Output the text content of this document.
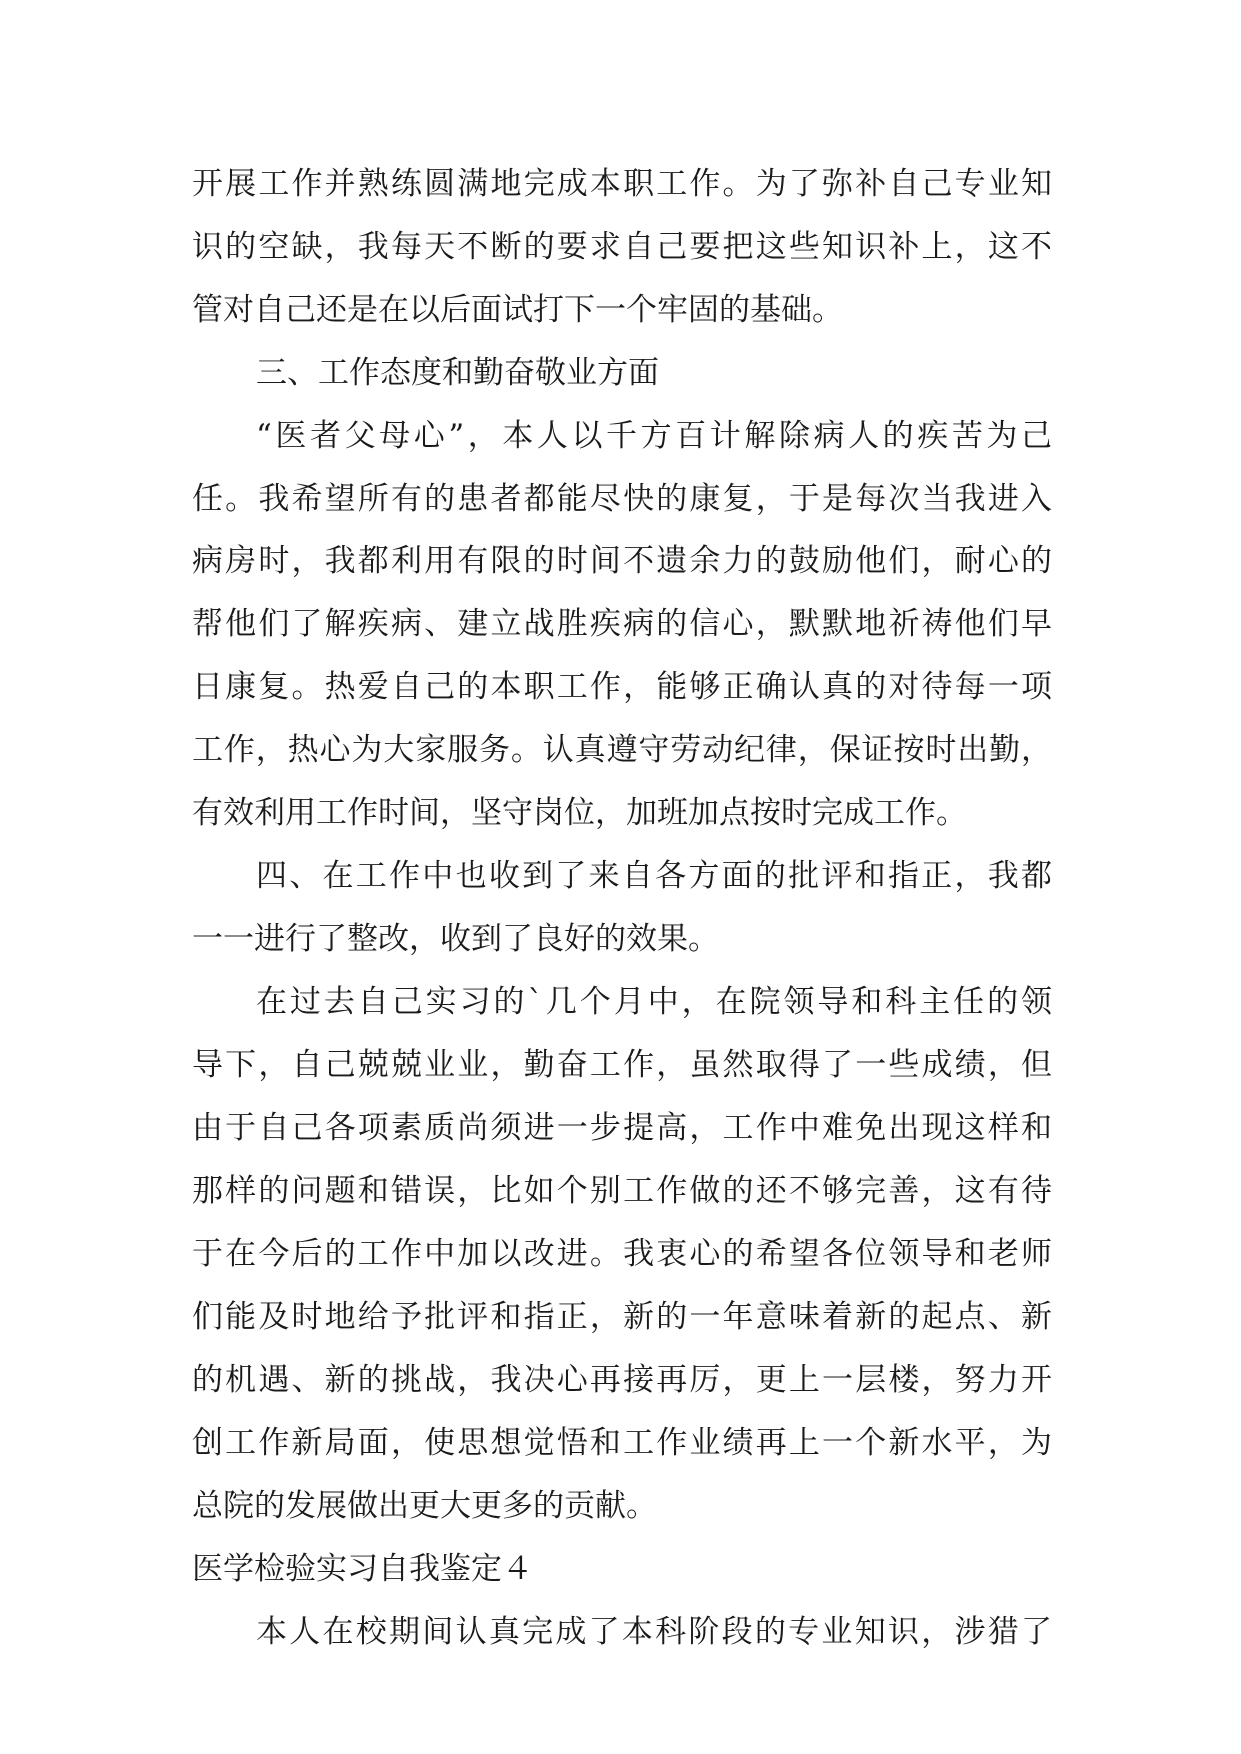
开展工作并熟练圆满地完成本职工作。为了弥补自己专业知
识的空缺，我每天不断的要求自己要把这些知识补上，这不
管对自己还是在以后面试打下一个牢固的基础。
三、工作态度和勤奋敬业方面
“医者父母心”，本人以千方百计解除病人的疾苦为己
任。我希望所有的患者都能尽快的康复，于是每次当我进入
病房时，我都利用有限的时间不遗余力的鼓励他们，耐心的
帮他们了解疾病、建立战胜疾病的信心，默默地祈祷他们早
日康复。热爱自己的本职工作，能够正确认真的对待每一项
工作，热心为大家服务。认真遵守劳动纪律，保证按时出勤，
有效利用工作时间，坚守岗位，加班加点按时完成工作。
四、在工作中也收到了来自各方面的批评和指正，我都
一一进行了整改，收到了良好的效果。
在过去自己实习的`几个月中，在院领导和科主任的领
导下，自己兢兢业业，勤奋工作，虽然取得了一些成绩，但
由于自己各项素质尚须进一步提高，工作中难免出现这样和
那样的问题和错误，比如个别工作做的还不够完善，这有待
于在今后的工作中加以改进。我衷心的希望各位领导和老师
们能及时地给予批评和指正，新的一年意味着新的起点、新
的机遇、新的挑战，我决心再接再厉，更上一层楼，努力开
创工作新局面，使思想觉悟和工作业绩再上一个新水平，为
总院的发展做出更大更多的贡献。
医学检验实习自我鉴定４
本人在校期间认真完成了本科阶段的专业知识，涉猎了
